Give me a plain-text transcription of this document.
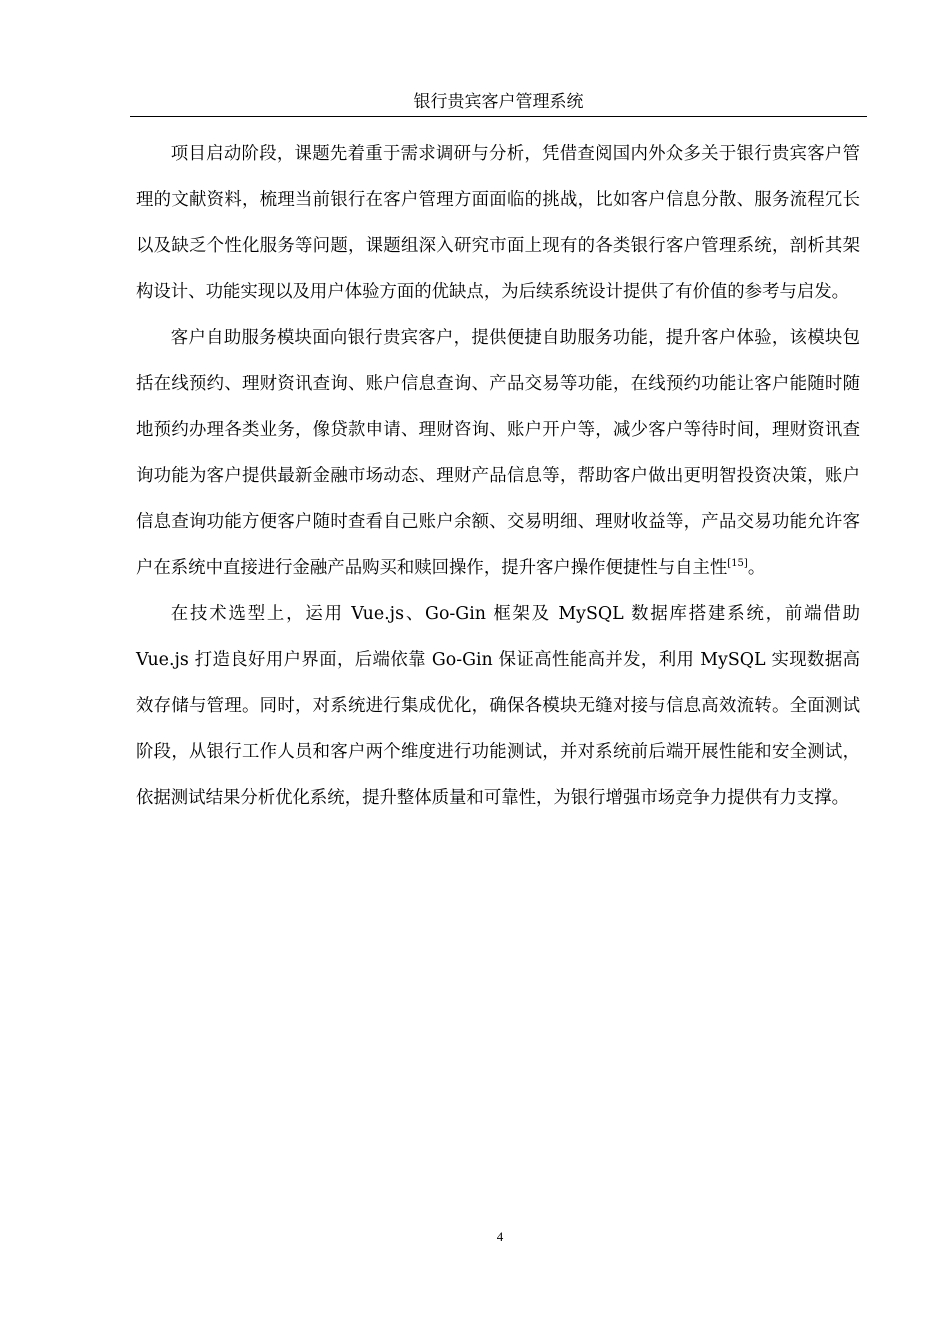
银行贵宾客户管理系统

项目启动阶段，课题先着重于需求调研与分析，凭借查阅国内外众多关于银行贵宾客户管理的文献资料，梳理当前银行在客户管理方面面临的挑战，比如客户信息分散、服务流程冗长以及缺乏个性化服务等问题，课题组深入研究市面上现有的各类银行客户管理系统，剖析其架构设计、功能实现以及用户体验方面的优缺点，为后续系统设计提供了有价值的参考与启发。

客户自助服务模块面向银行贵宾客户，提供便捷自助服务功能，提升客户体验，该模块包括在线预约、理财资讯查询、账户信息查询、产品交易等功能，在线预约功能让客户能随时随地预约办理各类业务，像贷款申请、理财咨询、账户开户等，减少客户等待时间，理财资讯查询功能为客户提供最新金融市场动态、理财产品信息等，帮助客户做出更明智投资决策，账户信息查询功能方便客户随时查看自己账户余额、交易明细、理财收益等，产品交易功能允许客户在系统中直接进行金融产品购买和赎回操作，提升客户操作便捷性与自主性[15]。

在技术选型上，运用 Vue.js、Go-Gin 框架及 MySQL 数据库搭建系统，前端借助 Vue.js 打造良好用户界面，后端依靠 Go-Gin 保证高性能高并发，利用 MySQL 实现数据高效存储与管理。同时，对系统进行集成优化，确保各模块无缝对接与信息高效流转。全面测试阶段，从银行工作人员和客户两个维度进行功能测试，并对系统前后端开展性能和安全测试，依据测试结果分析优化系统，提升整体质量和可靠性，为银行增强市场竞争力提供有力支撑。

4
